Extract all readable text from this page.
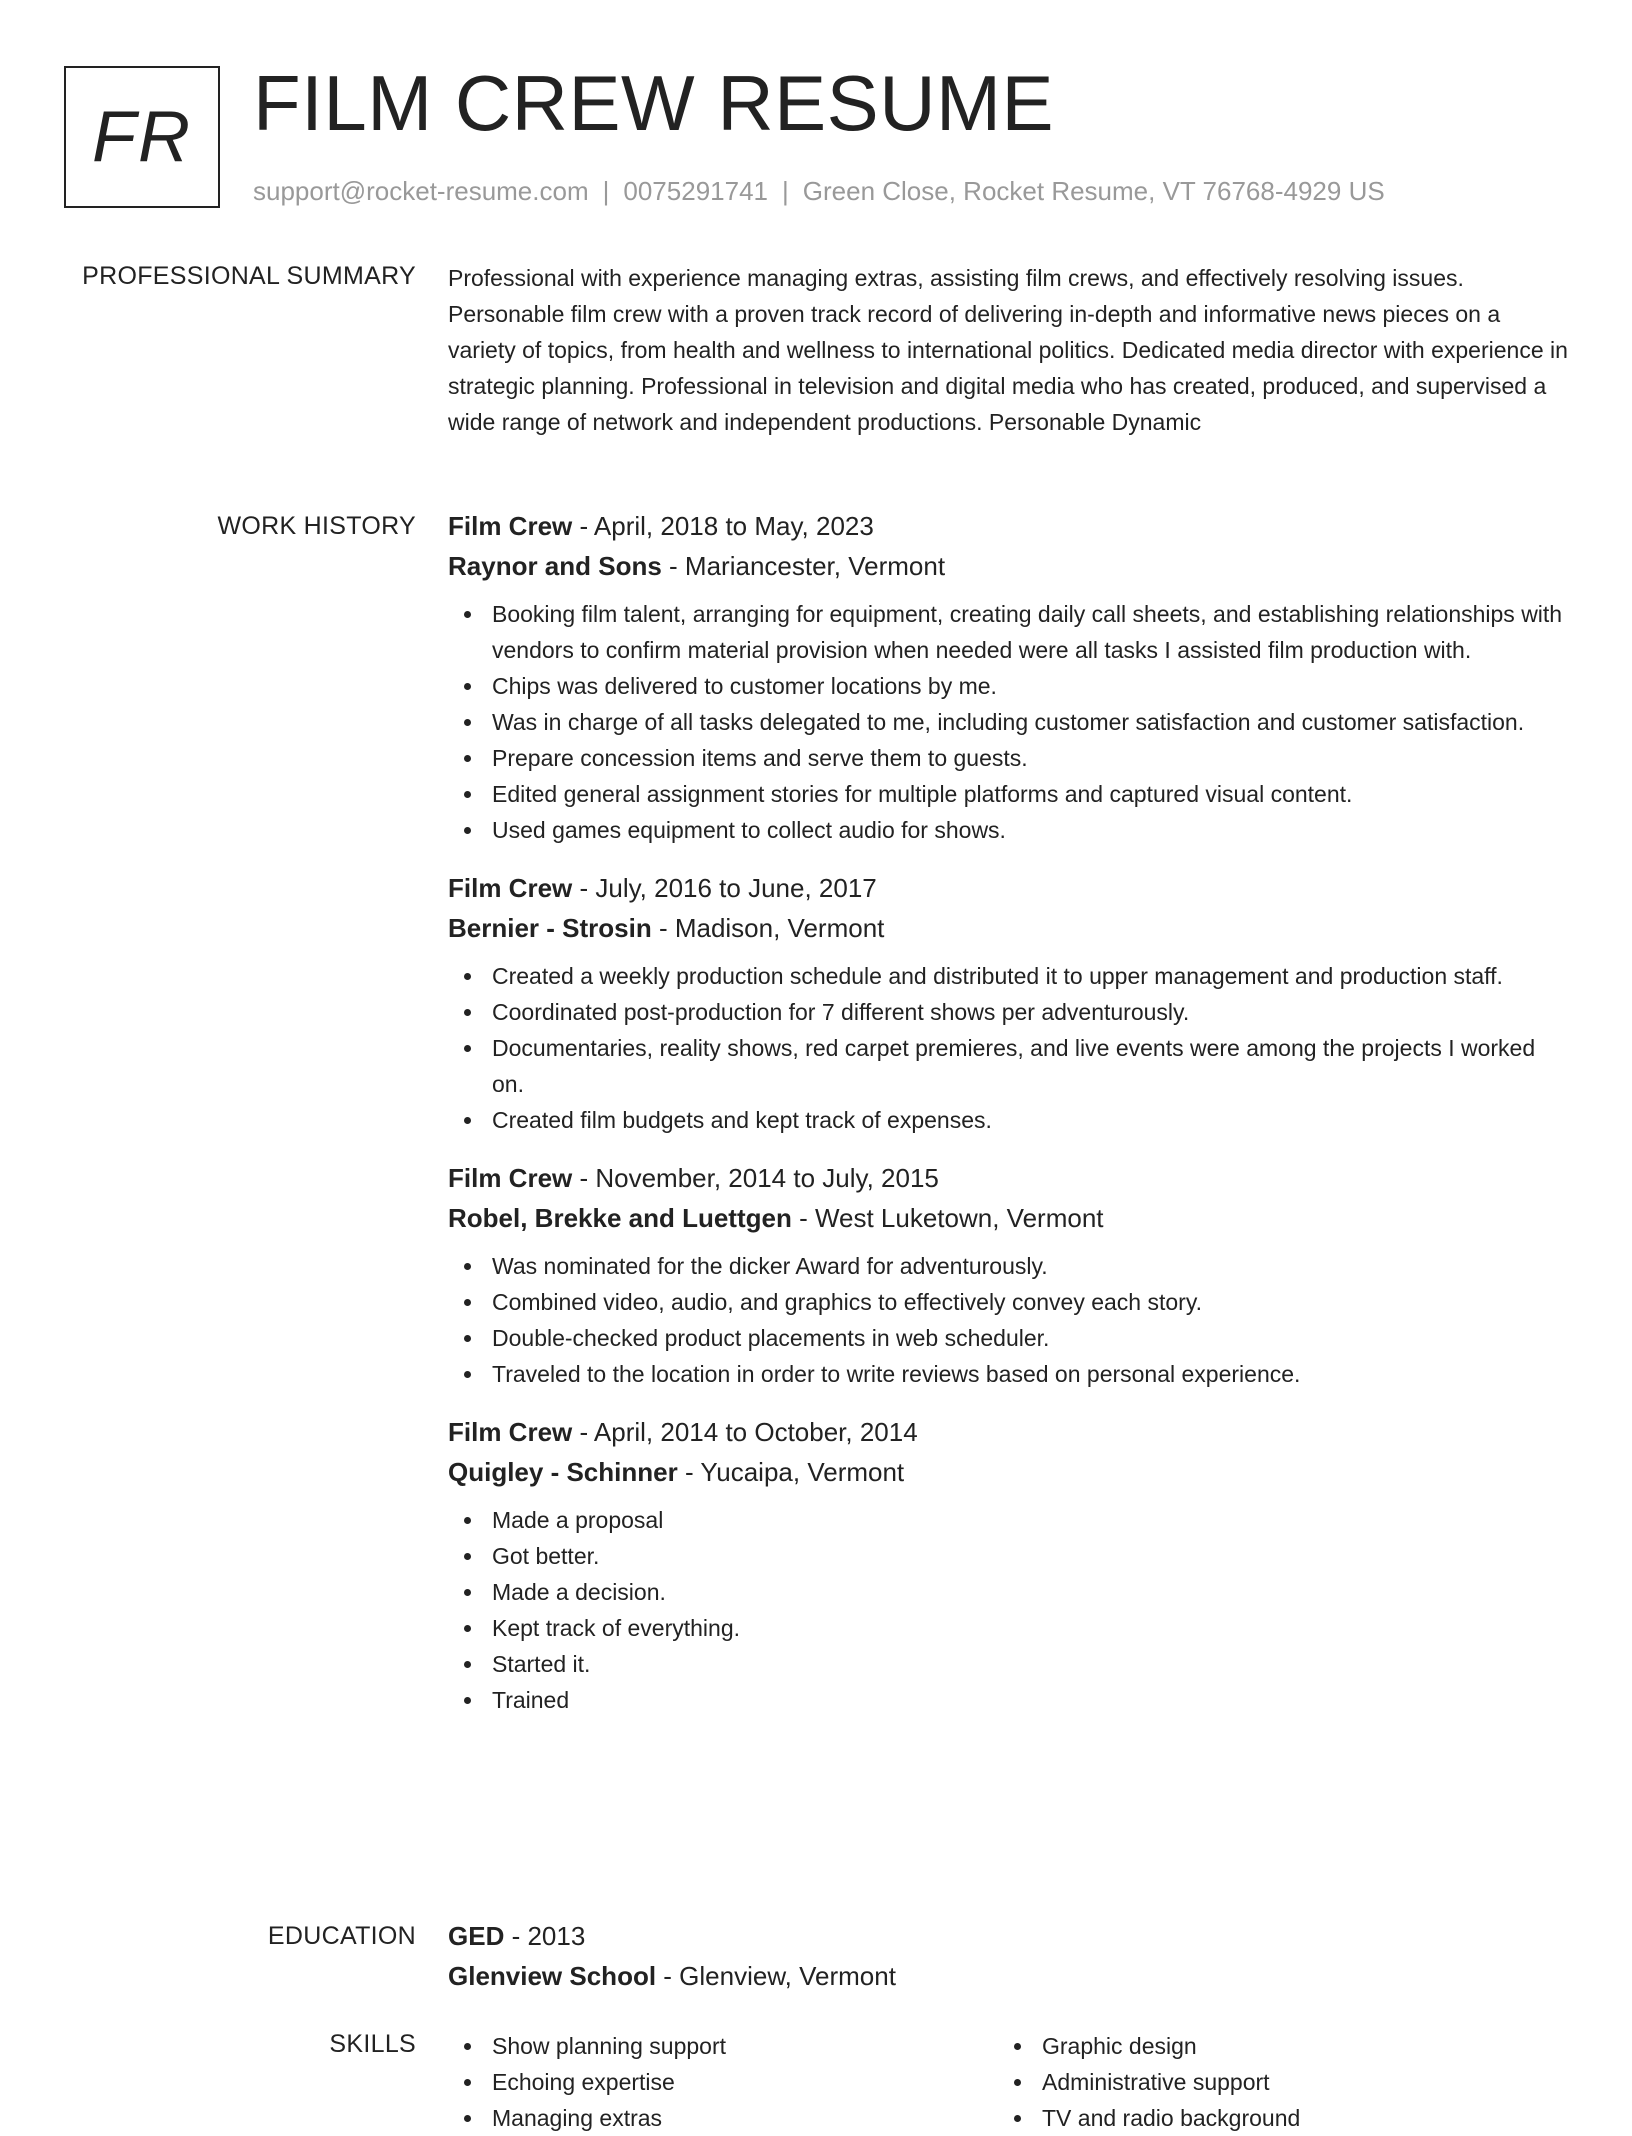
FR FILM CREW RESUME
support@rocket-resume.com | 0075291741 | Green Close, Rocket Resume, VT 76768-4929 US
PROFESSIONAL SUMMARY Professional with experience managing extras, assisting film crews, and effectively resolving issues. Personable film crew with a proven track record of delivering in-depth and informative news pieces on a variety of topics, from health and wellness to international politics. Dedicated media director with experience in strategic planning. Professional in television and digital media who has created, produced, and supervised a wide range of network and independent productions. Personable Dynamic

WORK HISTORY Film Crew - April, 2018 to May, 2023
Raynor and Sons - Mariancester, Vermont
Booking film talent, arranging for equipment, creating daily call sheets, and establishing relationships with vendors to confirm material provision when needed were all tasks I assisted film production with.
Chips was delivered to customer locations by me.
Was in charge of all tasks delegated to me, including customer satisfaction and customer satisfaction.
Prepare concession items and serve them to guests.
Edited general assignment stories for multiple platforms and captured visual content.
Used games equipment to collect audio for shows.
Film Crew - July, 2016 to June, 2017
Bernier - Strosin - Madison, Vermont
Created a weekly production schedule and distributed it to upper management and production staff.
Coordinated post-production for 7 different shows per adventurously.
Documentaries, reality shows, red carpet premieres, and live events were among the projects I worked on.
Created film budgets and kept track of expenses.
Film Crew - November, 2014 to July, 2015
Robel, Brekke and Luettgen - West Luketown, Vermont
Was nominated for the dicker Award for adventurously.
Combined video, audio, and graphics to effectively convey each story.
Double-checked product placements in web scheduler.
Traveled to the location in order to write reviews based on personal experience.
Film Crew - April, 2014 to October, 2014
Quigley - Schinner - Yucaipa, Vermont
Made a proposal
Got better.
Made a decision.
Kept track of everything.
Started it.
Trained
EDUCATION GED - 2013
Glenview School - Glenview, Vermont
SKILLS	Show planning support
Echoing expertise
Managing extras
Graphic design
Administrative support
TV and radio background
